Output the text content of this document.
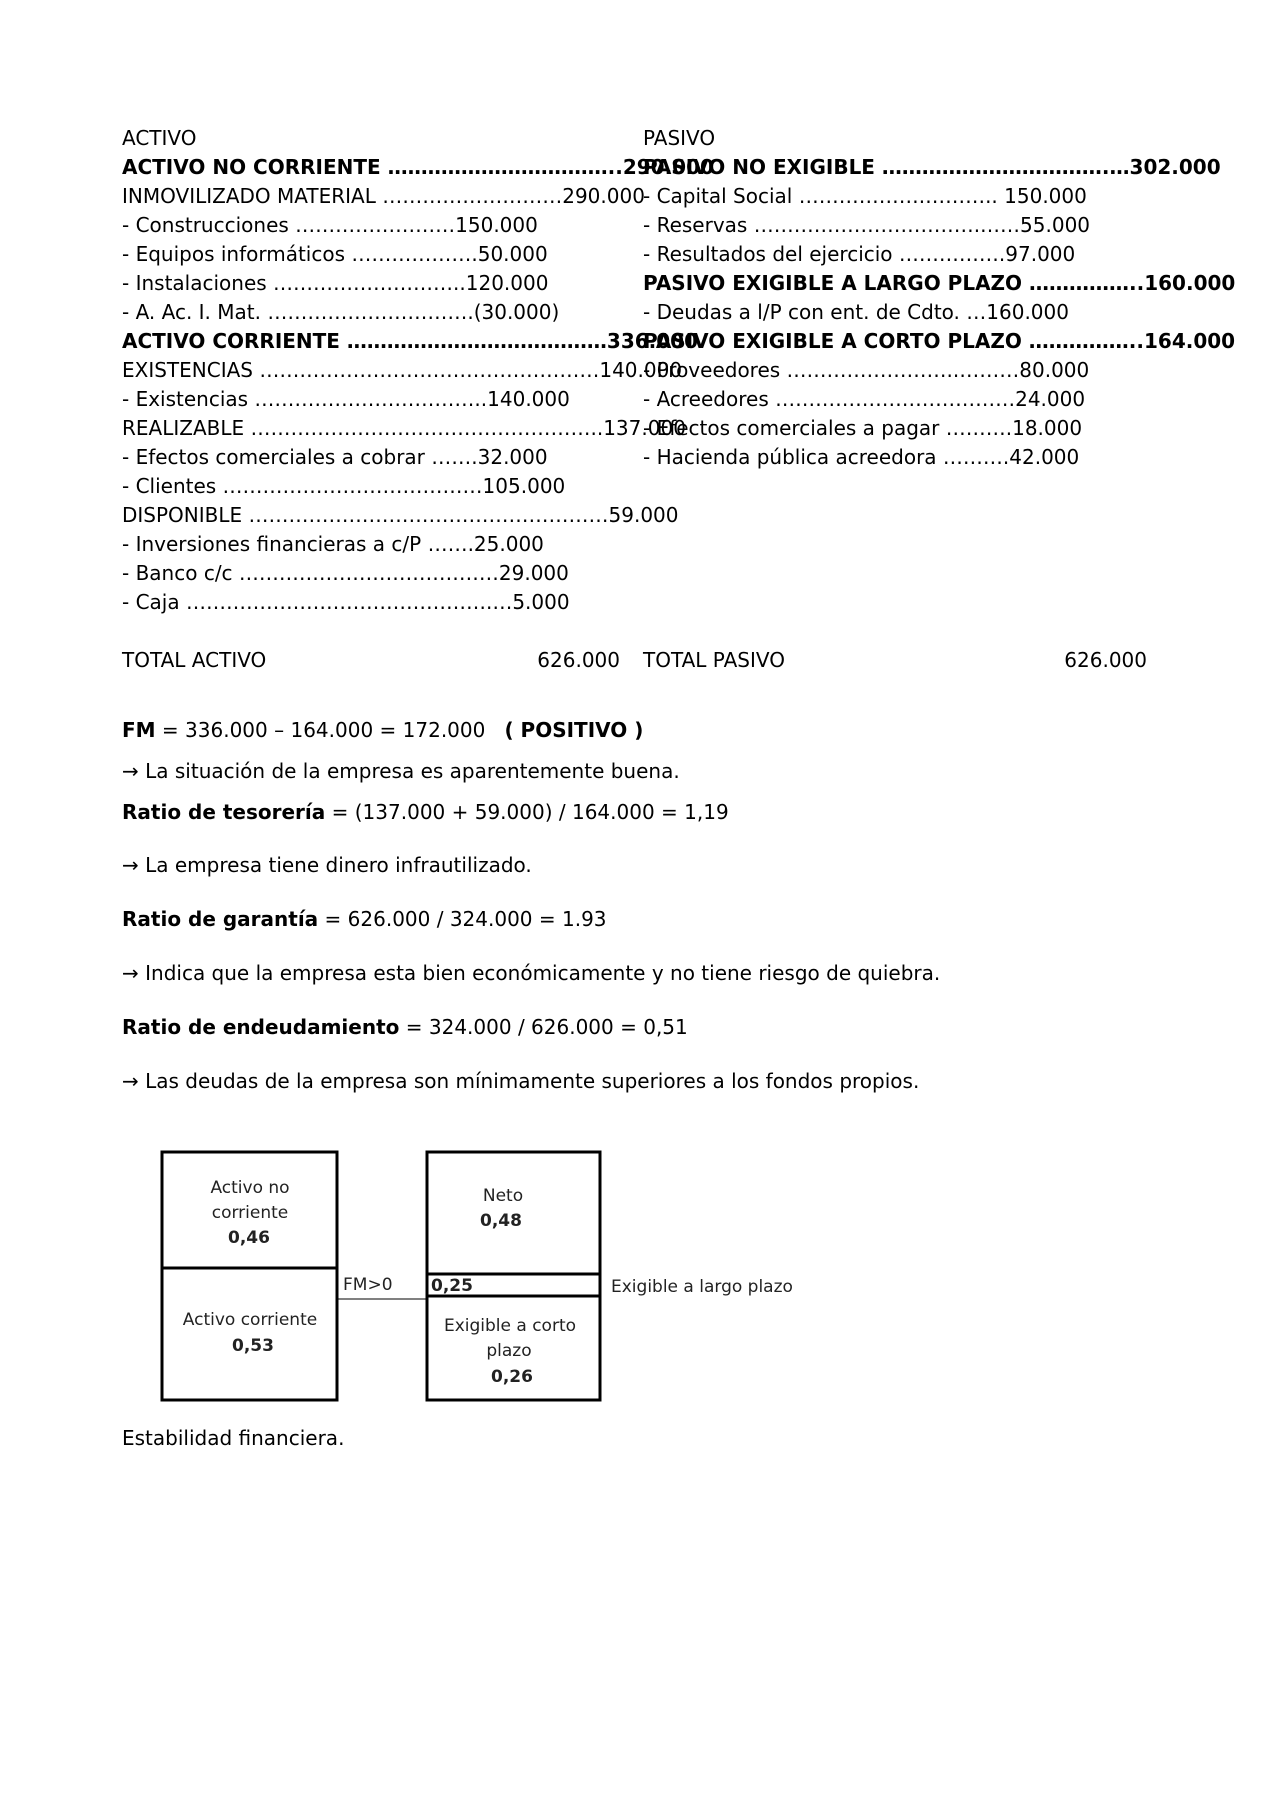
ACTIVO
ACTIVO NO CORRIENTE ……………………………..290.000
INMOVILIZADO MATERIAL ………………………290.000
- Construcciones ……………………150.000
- Equipos informáticos ……………….50.000
- Instalaciones ………………………..120.000
- A. Ac. I. Mat. ………………………….(30.000)
ACTIVO CORRIENTE …………………………………336.000
EXISTENCIAS ……………………………………………140.000
- Existencias ……………………………..140.000
REALIZABLE ……………………………………………..137.000
- Efectos comerciales a cobrar …….32.000
- Clientes …………………………………105.000
DISPONIBLE ………………………………………………59.000
- Inversiones financieras a c/P …….25.000
- Banco c/c …………………………………29.000
- Caja ……………………………………….…5.000
TOTAL ACTIVO	626.000
PASIVO
PASIVO NO EXIGIBLE …………………………….…302.000
- Capital Social ……………….……….. 150.000
- Reservas …………………………….……55.000
- Resultados del ejercicio …………….97.000
PASIVO EXIGIBLE A LARGO PLAZO ……………..160.000
- Deudas a l/P con ent. de Cdto. …160.000
PASIVO EXIGIBLE A CORTO PLAZO ……………..164.000
- Proveedores ……………………..………80.000
- Acreedores ………………………………24.000
- Efectos comerciales a pagar ……….18.000
- Hacienda pública acreedora ……….42.000
TOTAL PASIVO	626.000

FM = 336.000 – 164.000 = 172.000   ( POSITIVO )

→ La situación de la empresa es aparentemente buena.

Ratio de tesorería = (137.000 + 59.000) / 164.000 = 1,19

→ La empresa tiene dinero infrautilizado.

Ratio de garantía = 626.000 / 324.000 = 1.93

→ Indica que la empresa esta bien económicamente y no tiene riesgo de quiebra.

Ratio de endeudamiento = 324.000 / 626.000 = 0,51

→ Las deudas de la empresa son mínimamente superiores a los fondos propios.

Activo no
corriente
0,46
Activo corriente
0,53
Neto
0,48
Exigible a corto
plazo
0,26
0,25
FM>0	Exigible a largo plazo
Estabilidad financiera.
